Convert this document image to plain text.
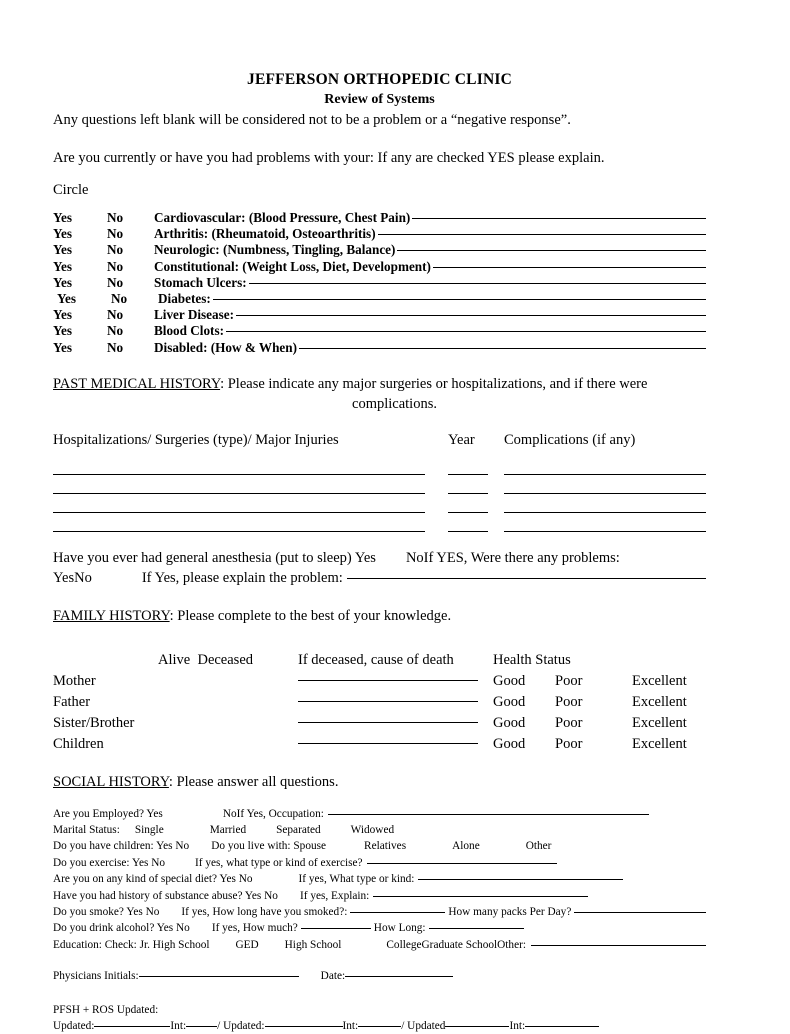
JEFFERSON ORTHOPEDIC CLINIC
Review of Systems
Any questions left blank will be considered not to be a problem or a “negative response”.
Are you currently or have you had problems with your: If any are checked YES please explain.
Circle
Yes	No	Cardiovascular: (Blood Pressure, Chest Pain)
Yes	No	Arthritis: (Rheumatoid, Osteoarthritis)
Yes	No	Neurologic: (Numbness, Tingling, Balance)
Yes	No	Constitutional: (Weight Loss, Diet, Development)
Yes	No	Stomach Ulcers:
Yes	No	Diabetes:
Yes	No	Liver Disease:
Yes	No	Blood Clots:
Yes	No	Disabled: (How & When)
PAST MEDICAL HISTORY: Please indicate any major surgeries or hospitalizations, and if there were
complications.
Hospitalizations/ Surgeries (type)/ Major Injuries	Year	Complications (if any)
Have you ever had general anesthesia (put to sleep) Yes NoIf YES, Were there any problems:
YesNo	If Yes, please explain the problem:
FAMILY HISTORY: Please complete to the best of your knowledge.
Alive Deceased	If deceased, cause of death	Health Status
Mother	Good	Poor	Excellent
Father	Good	Poor	Excellent
Sister/Brother	Good	Poor	Excellent
Children	Good	Poor	Excellent
SOCIAL HISTORY: Please answer all questions.
Are you Employed? Yes	NoIf Yes, Occupation:
Marital Status: Single	Married	Separated	Widowed
Do you have children: Yes No Do you live with: Spouse	Relatives	Alone	Other
Do you exercise: Yes No	If yes, what type or kind of exercise?
Are you on any kind of special diet? Yes No	If yes, What type or kind:
Have you had history of substance abuse? Yes No If yes, Explain:
Do you smoke? Yes No If yes, How long have you smoked?:	How many packs Per Day?
Do you drink alcohol? Yes No If yes, How much?	How Long:
Education: Check: Jr. High School GED High School	CollegeGraduate SchoolOther:
Physicians Initials:	Date:
PFSH + ROS Updated:
Updated:	Int:	/ Updated:	Int:	/ Updated	Int:
